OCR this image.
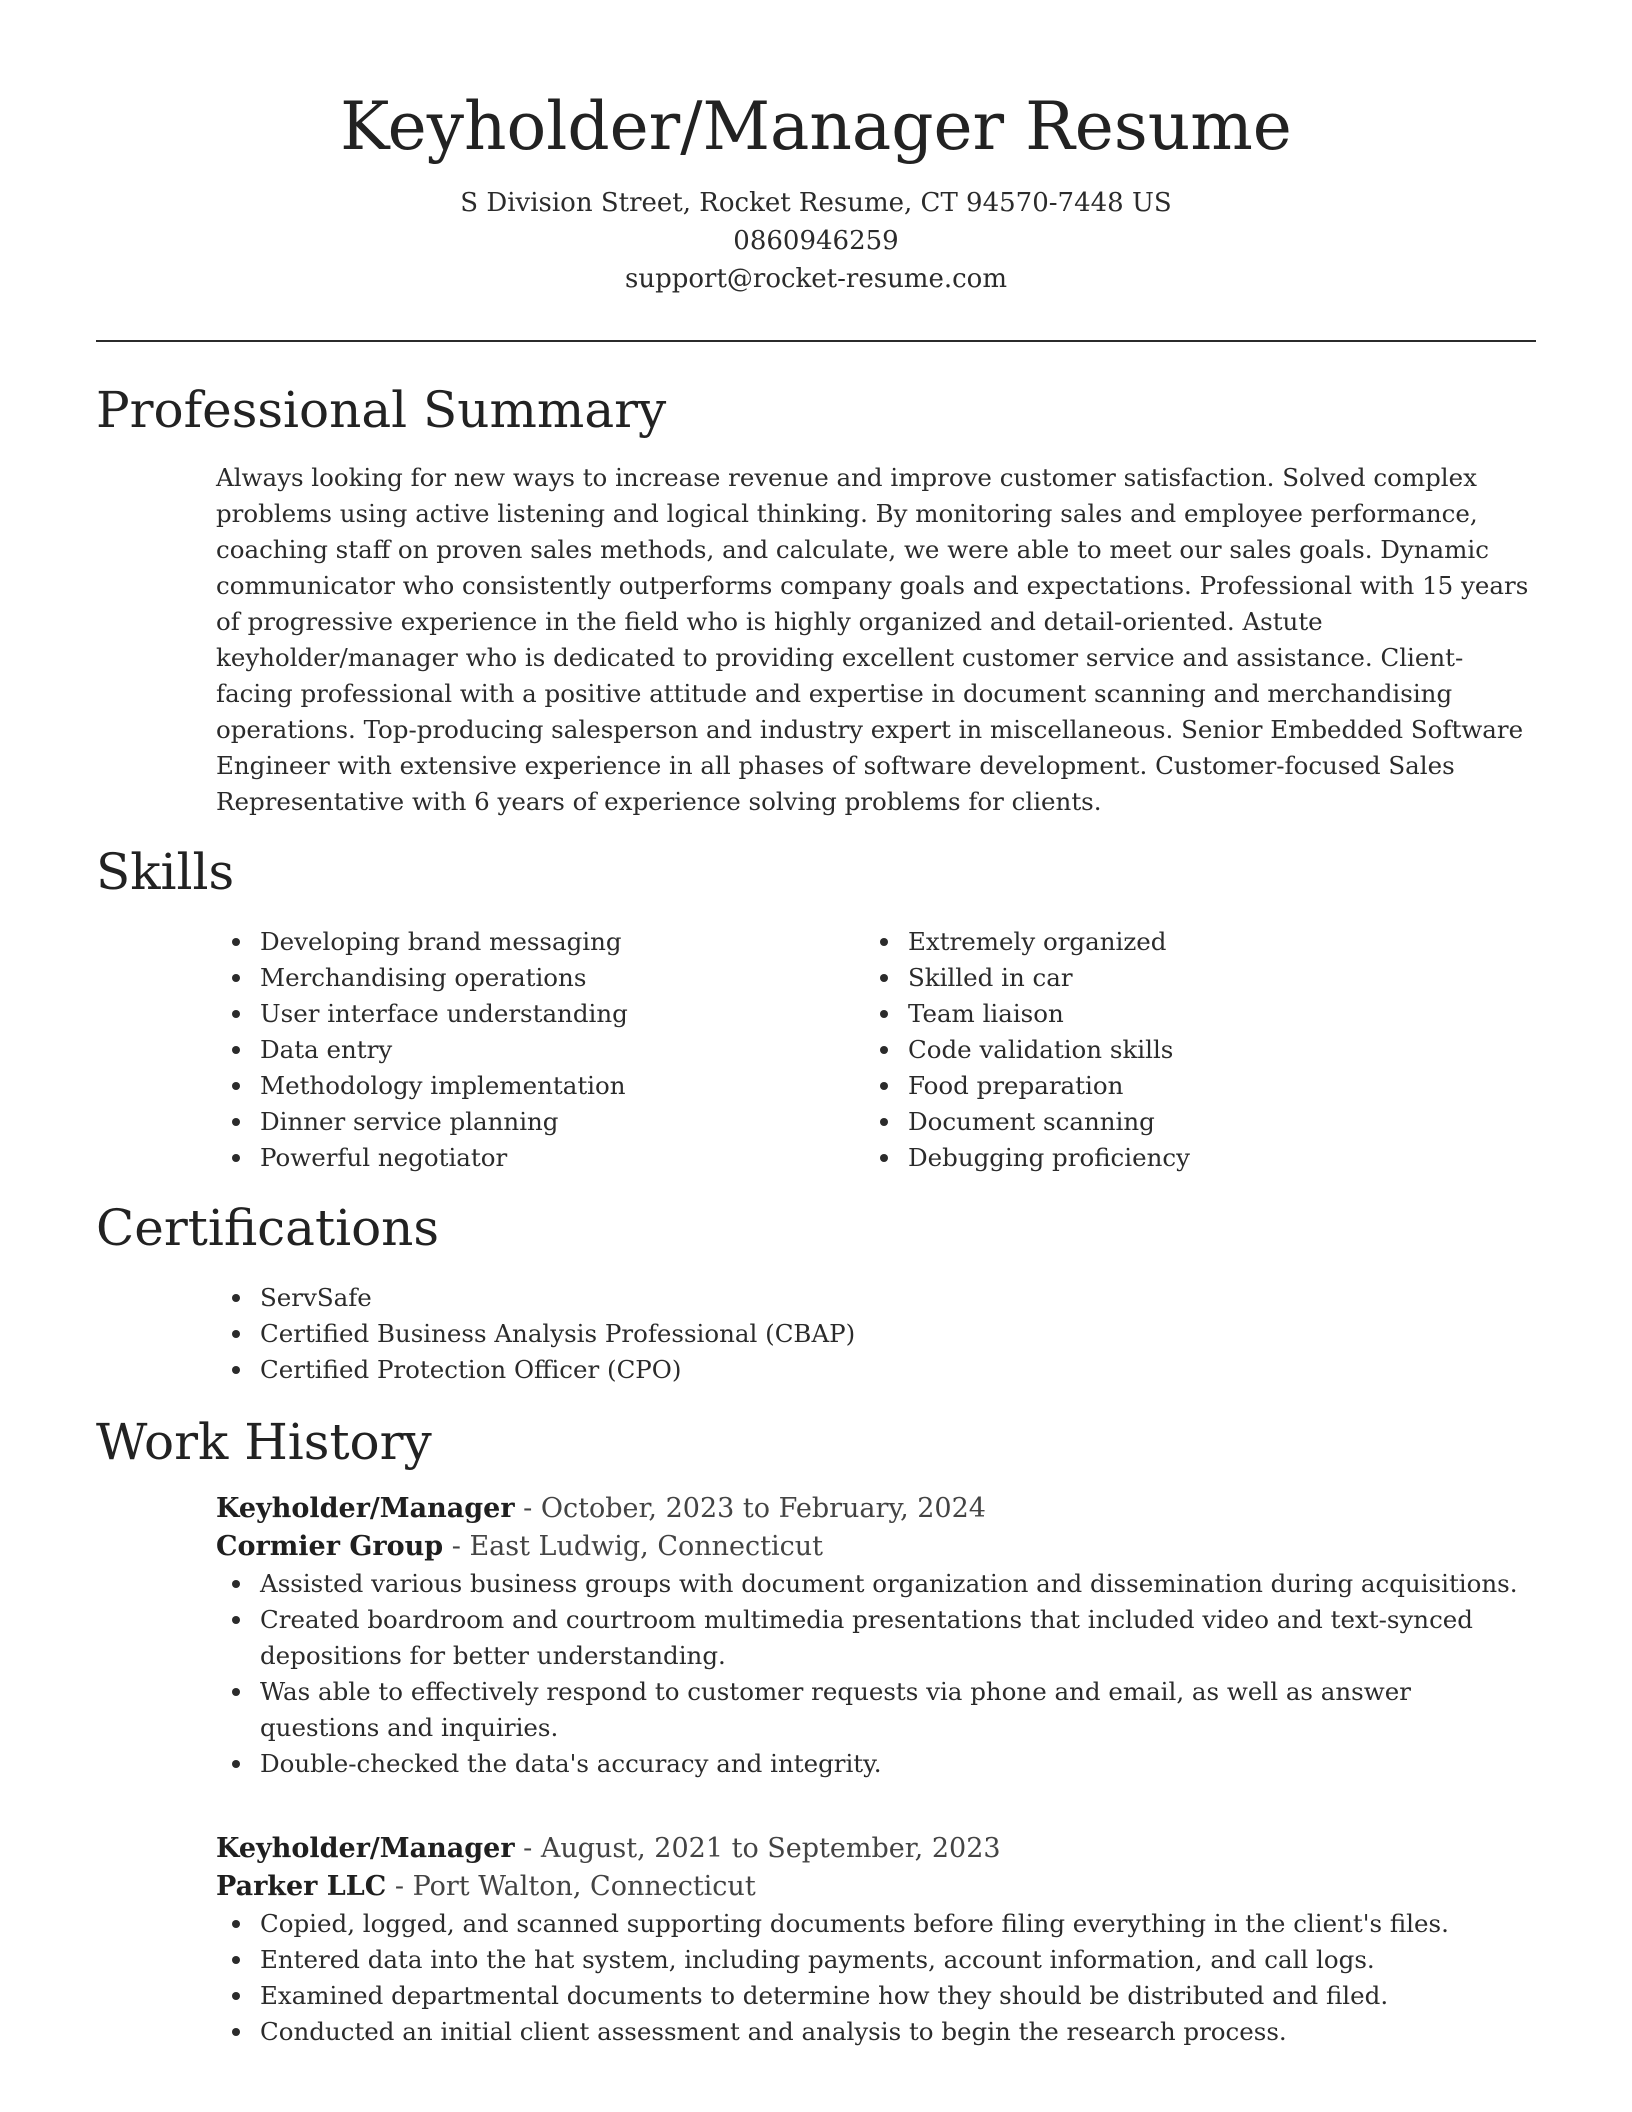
Keyholder/Manager Resume
S Division Street, Rocket Resume, CT 94570-7448 US
0860946259
support@rocket-resume.com
Professional Summary

Always looking for new ways to increase revenue and improve customer satisfaction. Solved complex problems using active listening and logical thinking. By monitoring sales and employee performance, coaching staff on proven sales methods, and calculate, we were able to meet our sales goals. Dynamic communicator who consistently outperforms company goals and expectations. Professional with 15 years of progressive experience in the field who is highly organized and detail-oriented. Astute keyholder/manager who is dedicated to providing excellent customer service and assistance. Client-facing professional with a positive attitude and expertise in document scanning and merchandising operations. Top-producing salesperson and industry expert in miscellaneous. Senior Embedded Software Engineer with extensive experience in all phases of software development. Customer-focused Sales Representative with 6 years of experience solving problems for clients.

Skills
Developing brand messaging
Merchandising operations
User interface understanding
Data entry
Methodology implementation
Dinner service planning
Powerful negotiator
Extremely organized
Skilled in car
Team liaison
Code validation skills
Food preparation
Document scanning
Debugging proficiency
Certifications
ServSafe
Certified Business Analysis Professional (CBAP)
Certified Protection Officer (CPO)
Work History
Keyholder/Manager - October, 2023 to February, 2024
Cormier Group - East Ludwig, Connecticut
Assisted various business groups with document organization and dissemination during acquisitions.
Created boardroom and courtroom multimedia presentations that included video and text-synced depositions for better understanding.
Was able to effectively respond to customer requests via phone and email, as well as answer questions and inquiries.
Double-checked the data's accuracy and integrity.
Keyholder/Manager - August, 2021 to September, 2023
Parker LLC - Port Walton, Connecticut
Copied, logged, and scanned supporting documents before filing everything in the client's files.
Entered data into the hat system, including payments, account information, and call logs.
Examined departmental documents to determine how they should be distributed and filed.
Conducted an initial client assessment and analysis to begin the research process.
